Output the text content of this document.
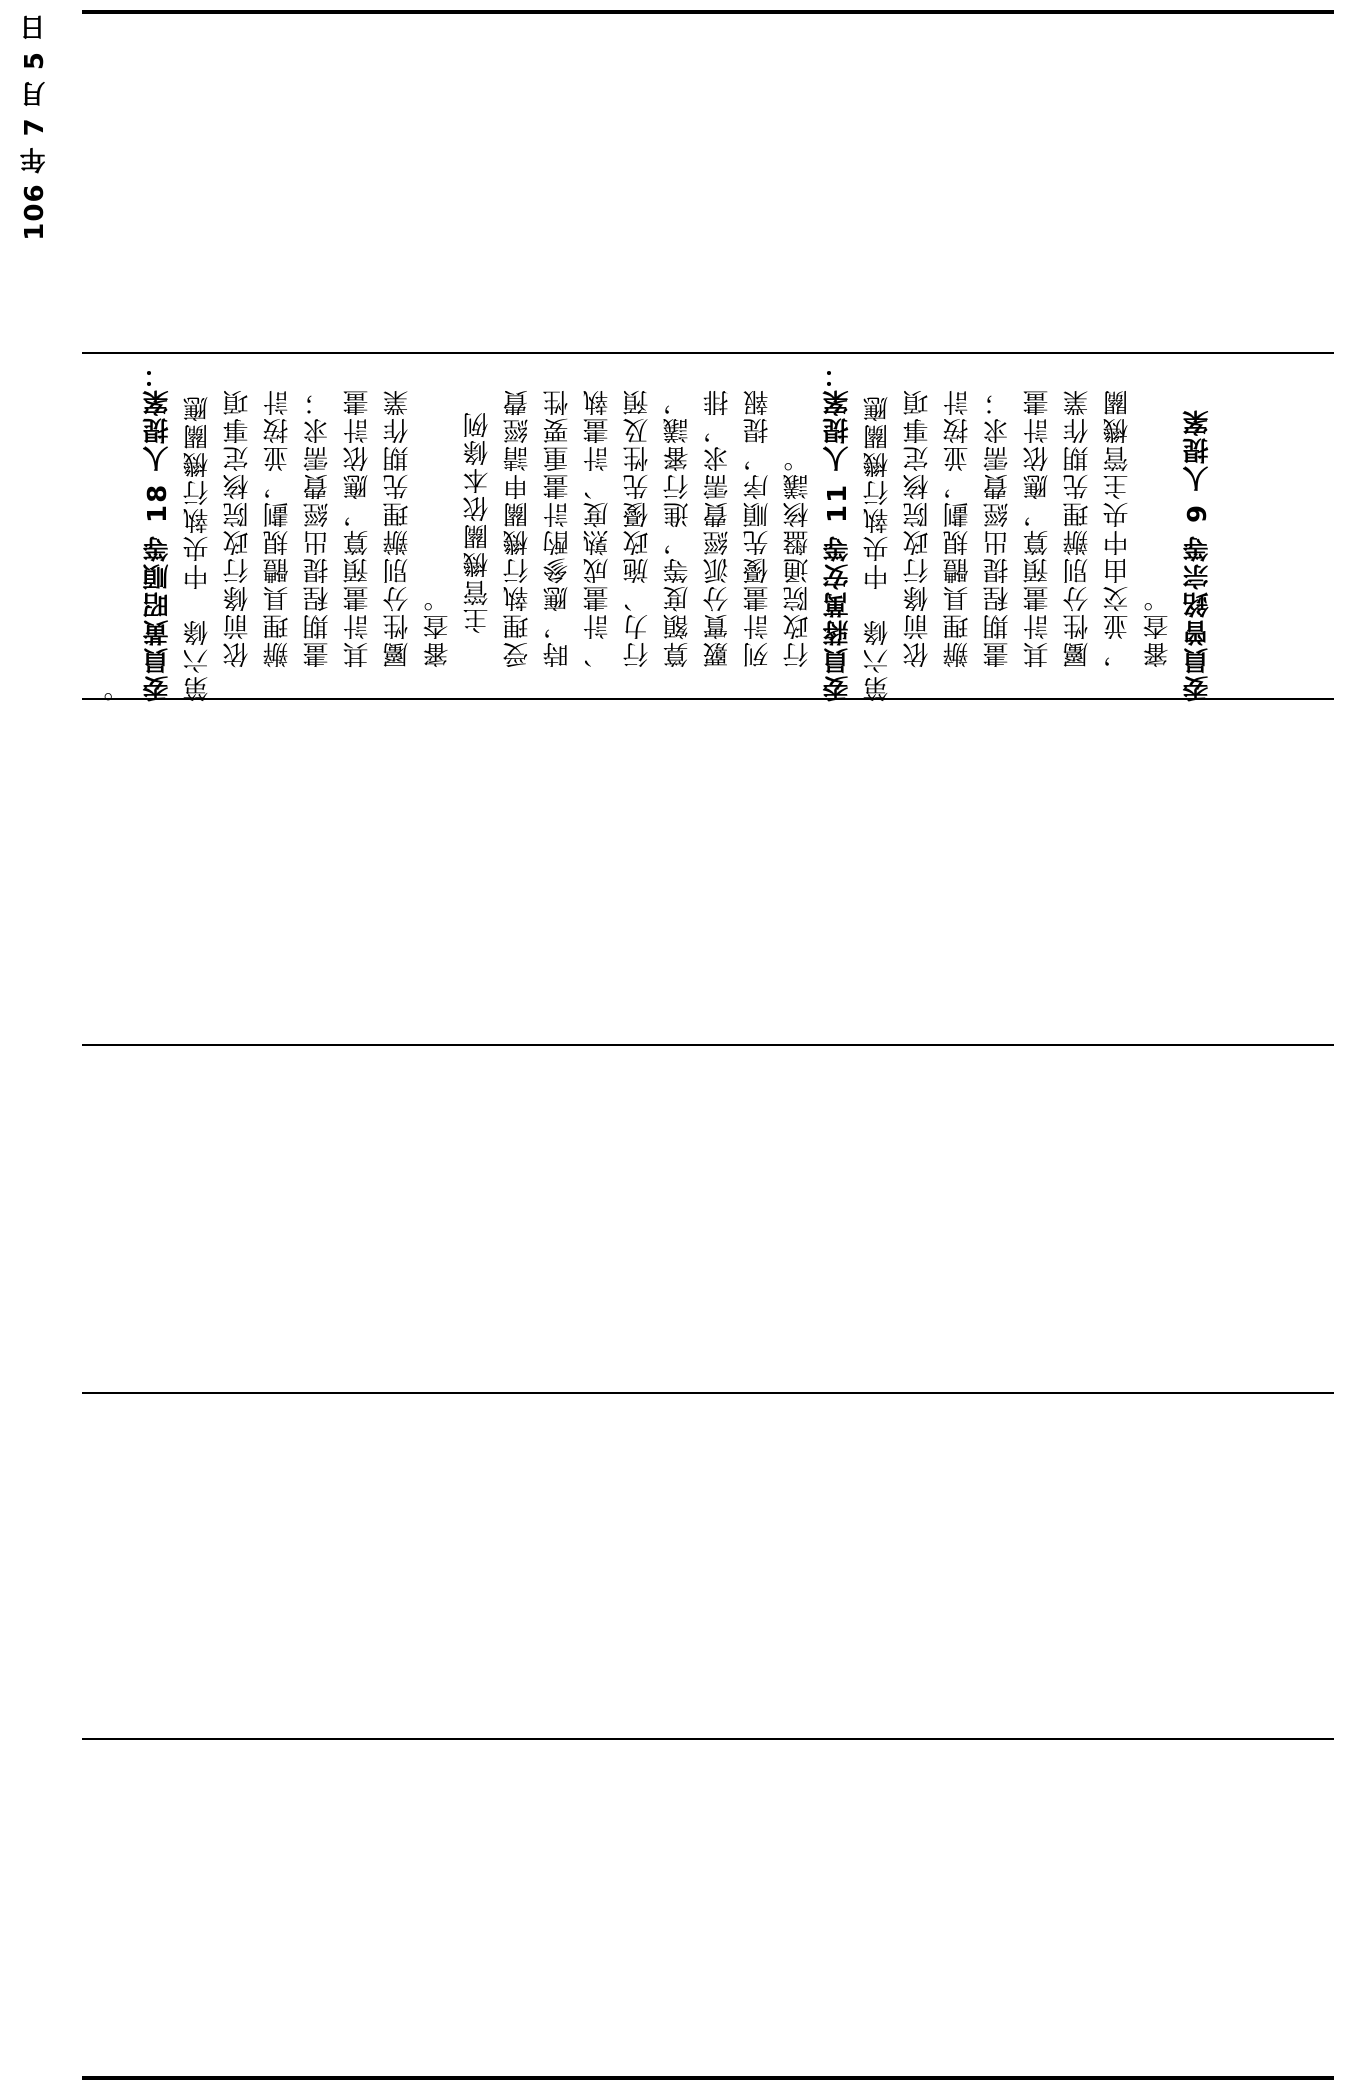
106 年 7 月 5 日

。 委員黃昭順等 18 人提案： 第六條　中央執行機關應 依前條行政院核定事項 辦理具體規劃，並按計 畫期程提出經費需求； 其計畫預算，應依計畫 屬性分別辦理先期作業 審查。 主管機關依本條例 受理執行機關申請經費 時，應參酌計畫重要性 、計畫成熟度、計畫執 行力、施政優先性及預 算額度等，進行審議， 覈實分派經費需求，排 列計畫優先順序，提報 行政院通盤核議。 委員蔣萬安等 11 人提案： 第六條　中央執行機關應 依前條行政院核定事項 辦理具體規劃，並按計 畫期程提出經費需求； 其計畫預算，應依計畫 屬性分別辦理先期作業 ，並交由中央主管機關 審查。 委員曾銘宗等 9 人提案
